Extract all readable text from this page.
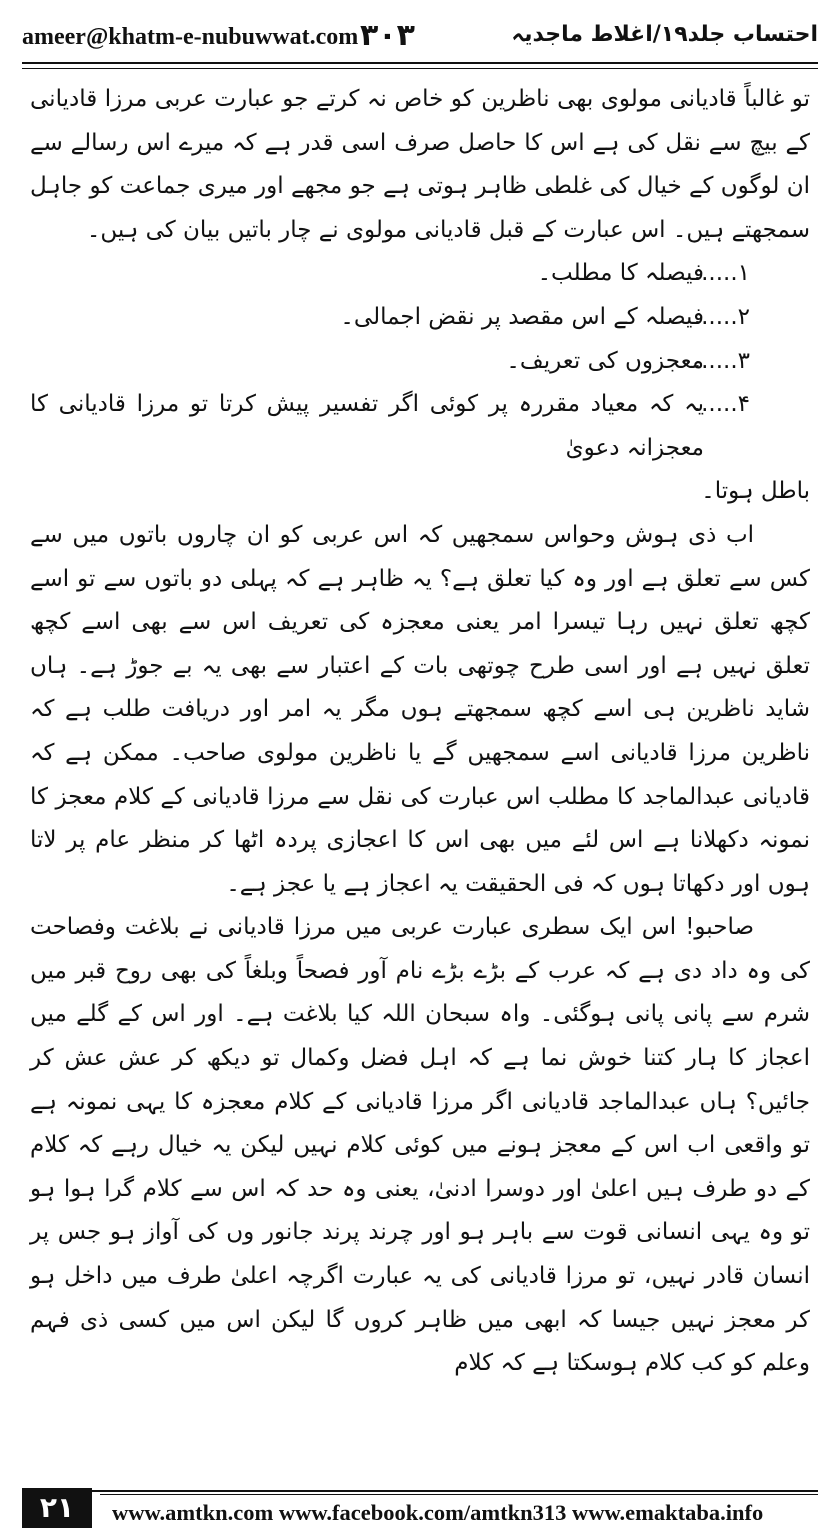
ameer@khatm-e-nubuwwat.com ۳۰۳	احتساب جلد۱۹/اغلاط ماجدیہ

تو غالباً قادیانی مولوی بھی ناظرین کو خاص نہ کرتے جو عبارت عربی مرزا قادیانی کے بیچ سے نقل کی ہے اس کا حاصل صرف اسی قدر ہے کہ میرے اس رسالے سے ان لوگوں کے خیال کی غلطی ظاہر ہوتی ہے جو مجھے اور میری جماعت کو جاہل سمجھتے ہیں۔ اس عبارت کے قبل قادیانی مولوی نے چار باتیں بیان کی ہیں۔

۱......
فیصلہ کا مطلب۔
۲......
فیصلہ کے اس مقصد پر نقض اجمالی۔
۳......
معجزوں کی تعریف۔
۴......
یہ کہ معیاد مقررہ پر کوئی اگر تفسیر پیش کرتا تو مرزا قادیانی کا معجزانہ دعویٰ

باطل ہوتا۔

اب ذی ہوش وحواس سمجھیں کہ اس عربی کو ان چاروں باتوں میں سے کس سے تعلق ہے اور وہ کیا تعلق ہے؟ یہ ظاہر ہے کہ پہلی دو باتوں سے تو اسے کچھ تعلق نہیں رہا تیسرا امر یعنی معجزہ کی تعریف اس سے بھی اسے کچھ تعلق نہیں ہے اور اسی طرح چوتھی بات کے اعتبار سے بھی یہ بے جوڑ ہے۔ ہاں شاید ناظرین ہی اسے کچھ سمجھتے ہوں مگر یہ امر اور دریافت طلب ہے کہ ناظرین مرزا قادیانی اسے سمجھیں گے یا ناظرین مولوی صاحب۔ ممکن ہے کہ قادیانی عبدالماجد کا مطلب اس عبارت کی نقل سے مرزا قادیانی کے کلام معجز کا نمونہ دکھلانا ہے اس لئے میں بھی اس کا اعجازی پردہ اٹھا کر منظر عام پر لاتا ہوں اور دکھاتا ہوں کہ فی الحقیقت یہ اعجاز ہے یا عجز ہے۔

صاحبو! اس ایک سطری عبارت عربی میں مرزا قادیانی نے بلاغت وفصاحت کی وہ داد دی ہے کہ عرب کے بڑے بڑے نام آور فصحاً وبلغاً کی بھی روح قبر میں شرم سے پانی پانی ہوگئی۔ واہ سبحان اللہ کیا بلاغت ہے۔ اور اس کے گلے میں اعجاز کا ہار کتنا خوش نما ہے کہ اہل فضل وکمال تو دیکھ کر عش عش کر جائیں؟ ہاں عبدالماجد قادیانی اگر مرزا قادیانی کے کلام معجزہ کا یہی نمونہ ہے تو واقعی اب اس کے معجز ہونے میں کوئی کلام نہیں لیکن یہ خیال رہے کہ کلام کے دو طرف ہیں اعلیٰ اور دوسرا ادنیٰ، یعنی وہ حد کہ اس سے کلام گرا ہوا ہو تو وہ یہی انسانی قوت سے باہر ہو اور چرند پرند جانور وں کی آواز ہو جس پر انسان قادر نہیں، تو مرزا قادیانی کی یہ عبارت اگرچہ اعلیٰ طرف میں داخل ہو کر معجز نہیں جیسا کہ ابھی میں ظاہر کروں گا لیکن اس میں کسی ذی فہم وعلم کو کب کلام ہوسکتا ہے کہ کلام

۲۱	www.amtkn.com www.facebook.com/amtkn313 www.emaktaba.info
